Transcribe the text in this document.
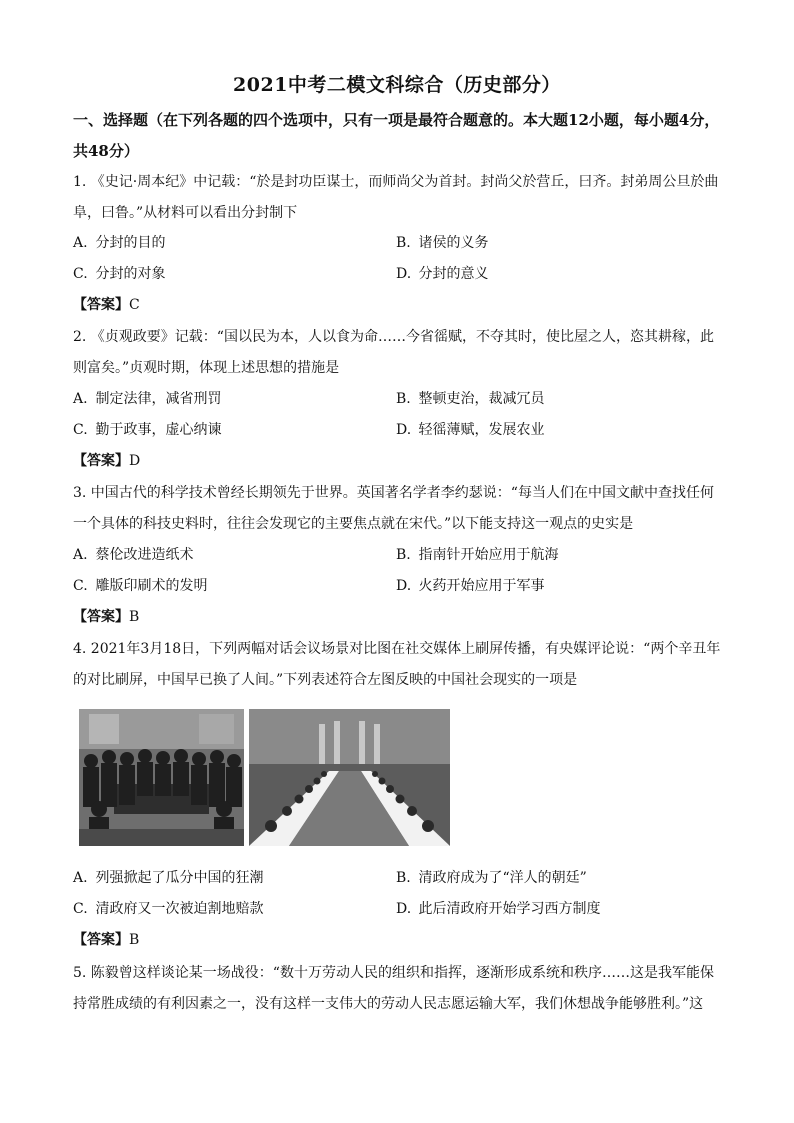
2021中考二模文科综合（历史部分）
一、选择题（在下列各题的四个选项中，只有一项是最符合题意的。本大题12小题，每小题4分，共48分）
1. 《史记·周本纪》中记载：“於是封功臣谋士，而师尚父为首封。封尚父於营丘，曰齐。封弟周公旦於曲阜，曰鲁。”从材料可以看出分封制下
A. 分封的目的	B. 诸侯的义务
C. 分封的对象	D. 分封的意义
【答案】C
2. 《贞观政要》记载：“国以民为本，人以食为命……今省徭赋，不夺其时，使比屋之人，恣其耕稼，此则富矣。”贞观时期，体现上述思想的措施是
A. 制定法律，减省刑罚	B. 整顿吏治，裁减冗员
C. 勤于政事，虚心纳谏	D. 轻徭薄赋，发展农业
【答案】D
3. 中国古代的科学技术曾经长期领先于世界。英国著名学者李约瑟说：“每当人们在中国文献中查找任何一个具体的科技史料时，往往会发现它的主要焦点就在宋代。”以下能支持这一观点的史实是
A. 蔡伦改进造纸术	B. 指南针开始应用于航海
C. 雕版印刷术的发明	D. 火药开始应用于军事
【答案】B
4. 2021年3月18日，下列两幅对话会议场景对比图在社交媒体上刷屏传播，有央媒评论说：“两个辛丑年的对比刷屏，中国早已换了人间。”下列表述符合左图反映的中国社会现实的一项是
A. 列强掀起了瓜分中国的狂潮	B. 清政府成为了“洋人的朝廷”
C. 清政府又一次被迫割地赔款	D. 此后清政府开始学习西方制度
【答案】B
5. 陈毅曾这样谈论某一场战役：“数十万劳动人民的组织和指挥，逐渐形成系统和秩序……这是我军能保持常胜成绩的有利因素之一，没有这样一支伟大的劳动人民志愿运输大军，我们休想战争能够胜利。”这
